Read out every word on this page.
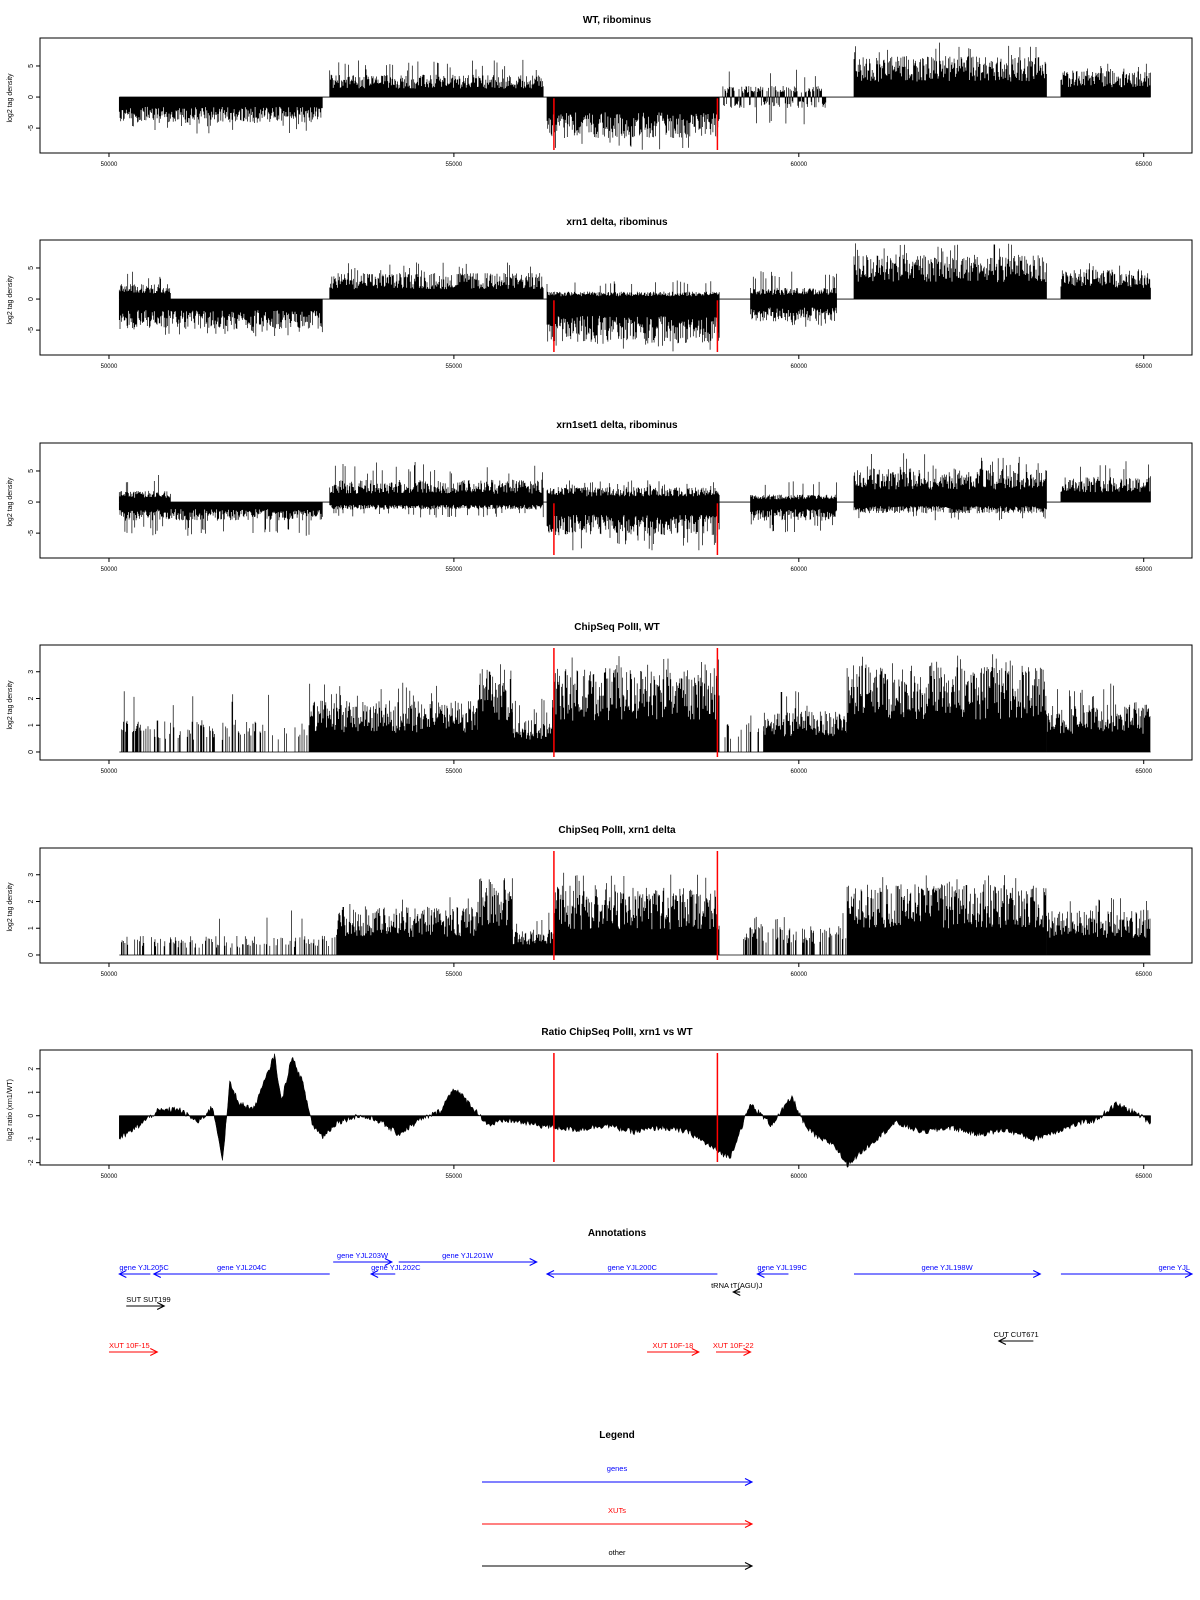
WT, ribominus
log2 tag density
50000	55000	60000	65000
-5
0
5
xrn1 delta, ribominus
log2 tag density
50000	55000	60000	65000
-5
0
5
xrn1set1 delta, ribominus
log2 tag density
50000	55000	60000	65000
-5
0
5
ChipSeq PolII, WT
log2 tag density
50000	55000	60000	65000
0
1
2
3
ChipSeq PolII, xrn1 delta
log2 tag density
50000	55000	60000	65000
0
1
2
3
Ratio ChipSeq PolII, xrn1 vs WT
log2 ratio (xrn1/WT)
50000	55000	60000	65000
-2
-1
0
1
2
Annotations
gene YJL203W	gene YJL201W
gene YJL205C	gene YJL204C	gene YJL202C	gene YJL200C	gene YJL199C	gene YJL198W	gene YJL
tRNA tT(AGU)J
SUT SUT199
CUT CUT671
XUT 10F-15	XUT 10F-18	XUT 10F-22
Legend
genes
XUTs
other
